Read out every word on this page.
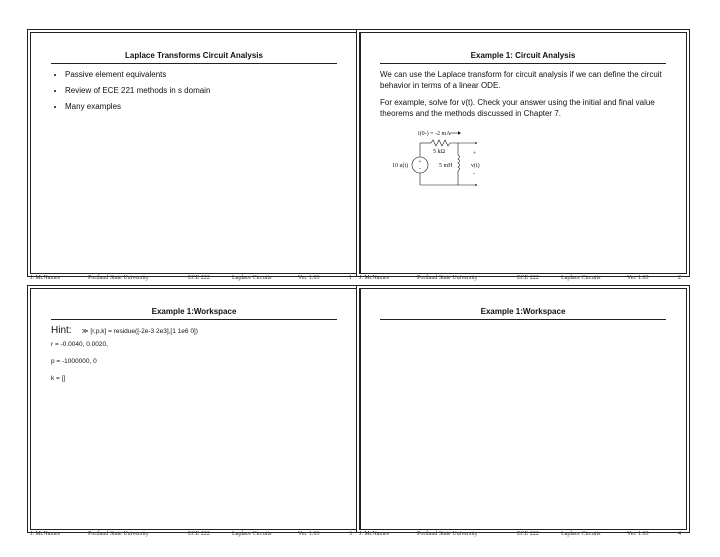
Laplace Transforms Circuit Analysis
• Passive element equivalents
• Review of ECE 221 methods in s domain
• Many examples
Example 1: Circuit Analysis

We can use the Laplace transform for circuit analysis if we can define the circuit behavior in terms of a linear ODE.

For example, solve for v(t). Check your answer using the initial and final value theorems and the methods discussed in Chapter 7.

i(0-) = -2 mA
5 kΩ
5 mH
10 u(t)
+
-
+
-
v(t)
Example 1:Workspace
Hint: ≫ [r,p,k] = residue([-2e-3 2e3],[1 1e6 0])
r = -0.0040, 0.0020,
p = -1000000, 0
k = []
Example 1:Workspace
J. McNames	Portland State University	ECE 222	Laplace Circuits	Ver. 1.63	1 J. McNames	Portland State University	ECE 222	Laplace Circuits	Ver. 1.63	2
J. McNames	Portland State University	ECE 222	Laplace Circuits	Ver. 1.63	3 J. McNames	Portland State University	ECE 222	Laplace Circuits	Ver. 1.63	4
